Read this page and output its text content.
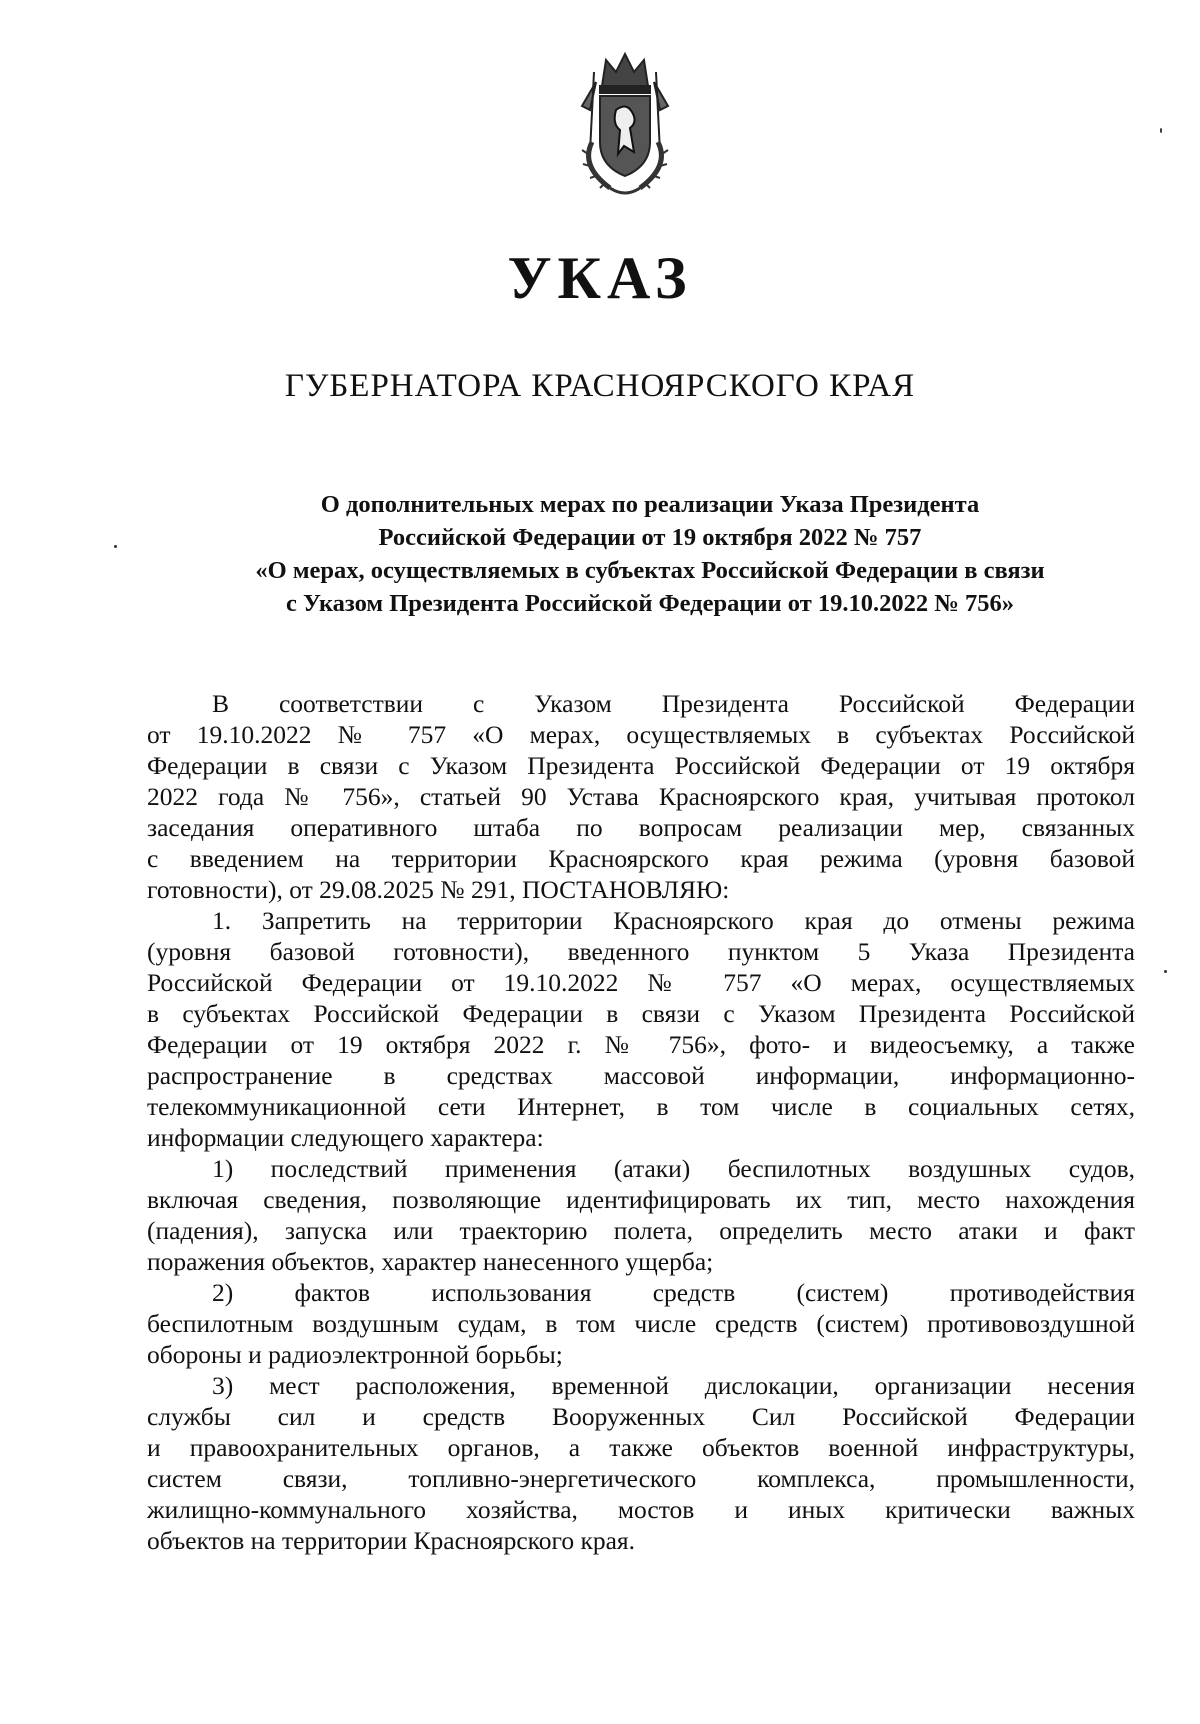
УКАЗ
ГУБЕРНАТОРА КРАСНОЯРСКОГО КРАЯ
О дополнительных мерах по реализации Указа Президента
Российской Федерации от 19 октября 2022 № 757
«О мерах, осуществляемых в субъектах Российской Федерации в связи
с Указом Президента Российской Федерации от 19.10.2022 № 756»
В соответствии с Указом Президента Российской Федерации
от 19.10.2022 № 757 «О мерах, осуществляемых в субъектах Российской
Федерации в связи с Указом Президента Российской Федерации от 19 октября
2022 года № 756», статьей 90 Устава Красноярского края, учитывая протокол
заседания оперативного штаба по вопросам реализации мер, связанных
с введением на территории Красноярского края режима (уровня базовой
готовности), от 29.08.2025 № 291, ПОСТАНОВЛЯЮ:
1. Запретить на территории Красноярского края до отмены режима
(уровня базовой готовности), введенного пунктом 5 Указа Президента
Российской Федерации от 19.10.2022 № 757 «О мерах, осуществляемых
в субъектах Российской Федерации в связи с Указом Президента Российской
Федерации от 19 октября 2022 г. № 756», фото- и видеосъемку, а также
распространение в средствах массовой информации, информационно-
телекоммуникационной сети Интернет, в том числе в социальных сетях,
информации следующего характера:
1) последствий применения (атаки) беспилотных воздушных судов,
включая сведения, позволяющие идентифицировать их тип, место нахождения
(падения), запуска или траекторию полета, определить место атаки и факт
поражения объектов, характер нанесенного ущерба;
2) фактов использования средств (систем) противодействия
беспилотным воздушным судам, в том числе средств (систем) противовоздушной
обороны и радиоэлектронной борьбы;
3) мест расположения, временной дислокации, организации несения
службы сил и средств Вооруженных Сил Российской Федерации
и правоохранительных органов, а также объектов военной инфраструктуры,
систем связи, топливно-энергетического комплекса, промышленности,
жилищно-коммунального хозяйства, мостов и иных критически важных
объектов на территории Красноярского края.
